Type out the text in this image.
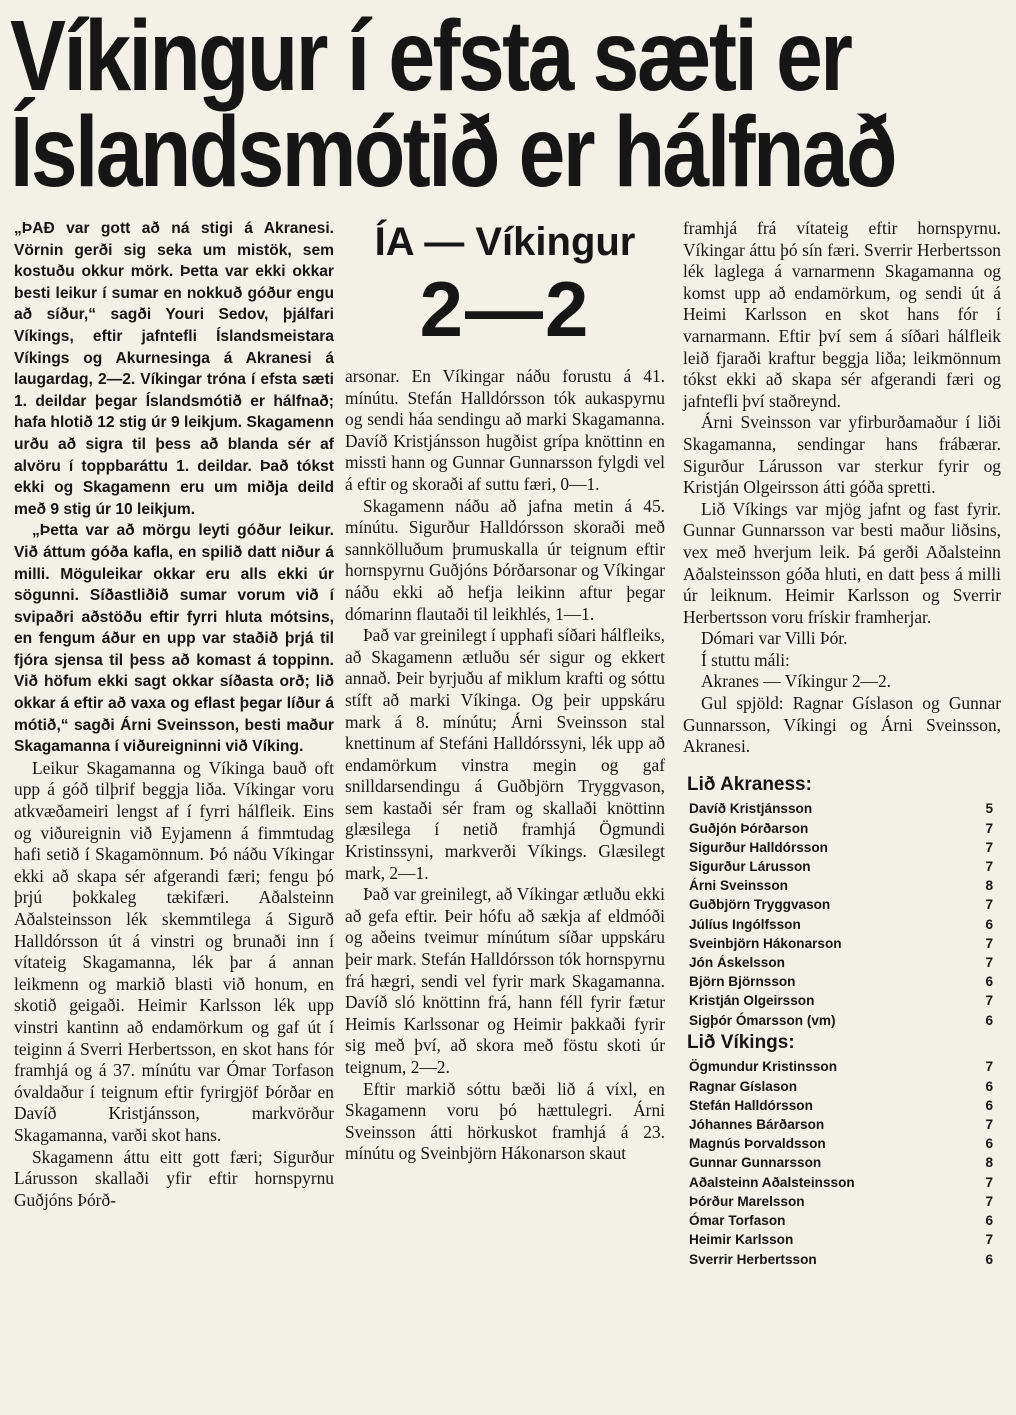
Víkingur í efsta sæti er
Íslandsmótið er hálfnað

„ÞAÐ var gott að ná stigi á Akranesi. Vörnin gerði sig seka um mistök, sem kostuðu okkur mörk. Þetta var ekki okkar besti leikur í sumar en nokkuð góður engu að síður,“ sagði Youri Sedov, þjálfari Víkings, eftir jafntefli Íslandsmeistara Víkings og Akurnesinga á Akranesi á laugardag, 2—2. Víkingar tróna í efsta sæti 1. deildar þegar Íslandsmótið er hálfnað; hafa hlotið 12 stig úr 9 leikjum. Skagamenn urðu að sigra til þess að blanda sér af alvöru í toppbaráttu 1. deildar. Það tókst ekki og Skagamenn eru um miðja deild með 9 stig úr 10 leikjum.

„Þetta var að mörgu leyti góður leikur. Við áttum góða kafla, en spilið datt niður á milli. Möguleikar okkar eru alls ekki úr sögunni. Síðastliðið sumar vorum við í svipaðri aðstöðu eftir fyrri hluta mótsins, en fengum áður en upp var staðið þrjá til fjóra sjensa til þess að komast á toppinn. Við höfum ekki sagt okkar síðasta orð; lið okkar á eftir að vaxa og eflast þegar líður á mótið,“ sagði Árni Sveinsson, besti maður Skagamanna í viðureigninni við Víking.

Leikur Skagamanna og Víkinga bauð oft upp á góð tilþrif beggja liða. Víkingar voru atkvæðameiri lengst af í fyrri hálfleik. Eins og viðureignin við Eyjamenn á fimmtudag hafi setið í Skagamönnum. Þó náðu Víkingar ekki að skapa sér afgerandi færi; fengu þó þrjú þokkaleg tækifæri. Aðalsteinn Aðalsteinsson lék skemmtilega á Sigurð Halldórsson út á vinstri og brunaði inn í vítateig Skagamanna, lék þar á annan leikmenn og markið blasti við honum, en skotið geigaði. Heimir Karlsson lék upp vinstri kantinn að endamörkum og gaf út í teiginn á Sverri Herbertsson, en skot hans fór framhjá og á 37. mínútu var Ómar Torfason óvaldaður í teignum eftir fyrirgjöf Þórðar en Davíð Kristjánsson, markvörður Skagamanna, varði skot hans.

Skagamenn áttu eitt gott færi; Sigurður Lárusson skallaði yfir eftir hornspyrnu Guðjóns Þórð-

ÍA — Víkingur
2—2

arsonar. En Víkingar náðu forustu á 41. mínútu. Stefán Halldórsson tók aukaspyrnu og sendi háa sendingu að marki Skagamanna. Davíð Kristjánsson hugðist grípa knöttinn en missti hann og Gunnar Gunnarsson fylgdi vel á eftir og skoraði af suttu færi, 0—1.

Skagamenn náðu að jafna metin á 45. mínútu. Sigurður Halldórsson skoraði með sannkölluðum þrumuskalla úr teignum eftir hornspyrnu Guðjóns Þórðarsonar og Víkingar náðu ekki að hefja leikinn aftur þegar dómarinn flautaði til leikhlés, 1—1.

Það var greinilegt í upphafi síðari hálfleiks, að Skagamenn ætluðu sér sigur og ekkert annað. Þeir byrjuðu af miklum krafti og sóttu stíft að marki Víkinga. Og þeir uppskáru mark á 8. mínútu; Árni Sveinsson stal knettinum af Stefáni Halldórssyni, lék upp að endamörkum vinstra megin og gaf snilldarsendingu á Guðbjörn Tryggvason, sem kastaði sér fram og skallaði knöttinn glæsilega í netið framhjá Ögmundi Kristinssyni, markverði Víkings. Glæsilegt mark, 2—1.

Það var greinilegt, að Víkingar ætluðu ekki að gefa eftir. Þeir hófu að sækja af eldmóði og aðeins tveimur mínútum síðar uppskáru þeir mark. Stefán Halldórsson tók hornspyrnu frá hægri, sendi vel fyrir mark Skagamanna. Davíð sló knöttinn frá, hann féll fyrir fætur Heimis Karlssonar og Heimir þakkaði fyrir sig með því, að skora með föstu skoti úr teignum, 2—2.

Eftir markið sóttu bæði lið á víxl, en Skagamenn voru þó hættulegri. Árni Sveinsson átti hörkuskot framhjá á 23. mínútu og Sveinbjörn Hákonarson skaut

framhjá frá vítateig eftir hornspyrnu. Víkingar áttu þó sín færi. Sverrir Herbertsson lék laglega á varnarmenn Skagamanna og komst upp að endamörkum, og sendi út á Heimi Karlsson en skot hans fór í varnarmann. Eftir því sem á síðari hálfleik leið fjaraði kraftur beggja liða; leikmönnum tókst ekki að skapa sér afgerandi færi og jafntefli því staðreynd.

Árni Sveinsson var yfirburðamaður í liði Skagamanna, sendingar hans frábærar. Sigurður Lárusson var sterkur fyrir og Kristján Olgeirsson átti góða spretti.

Lið Víkings var mjög jafnt og fast fyrir. Gunnar Gunnarsson var besti maður liðsins, vex með hverjum leik. Þá gerði Aðalsteinn Aðalsteinsson góða hluti, en datt þess á milli úr leiknum. Heimir Karlsson og Sverrir Herbertsson voru frískir framherjar.

Dómari var Villi Þór.

Í stuttu máli:

Akranes — Víkingur 2—2.

Gul spjöld: Ragnar Gíslason og Gunnar Gunnarsson, Víkingi og Árni Sveinsson, Akranesi.

Lið Akraness:
Davíð Kristjánsson	5
Guðjón Þórðarson	7
Sigurður Halldórsson	7
Sigurður Lárusson	7
Árni Sveinsson	8
Guðbjörn Tryggvason	7
Júlíus Ingólfsson	6
Sveinbjörn Hákonarson	7
Jón Áskelsson	7
Björn Björnsson	6
Kristján Olgeirsson	7
Sigþór Ómarsson (vm)	6
Lið Víkings:
Ögmundur Kristinsson	7
Ragnar Gíslason	6
Stefán Halldórsson	6
Jóhannes Bárðarson	7
Magnús Þorvaldsson	6
Gunnar Gunnarsson	8
Aðalsteinn Aðalsteinsson	7
Þórður Marelsson	7
Ómar Torfason	6
Heimir Karlsson	7
Sverrir Herbertsson	6
